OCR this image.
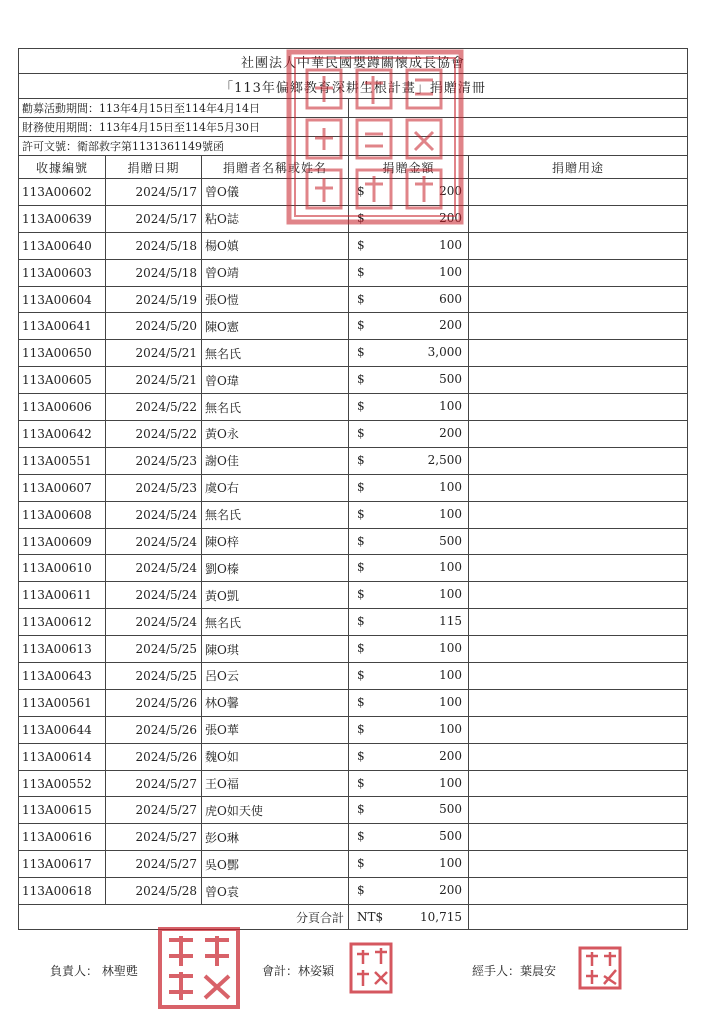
社團法人中華民國嬰蹲關懷成長協會				
「113年偏鄉教育深耕生根計畫」捐贈清冊				
勸募活動期間：113年4月15日至114年4月14日				
財務使用期間：113年4月15日至114年5月30日				
許可文號：衛部救字第1131361149號函				
收據編號	捐贈日期	捐贈者名稱或姓名	捐贈金額	捐贈用途
113A00602	2024/5/17	曾O儀	$ 200	

113A00639	2024/5/17	粘O誌	$ 200	

113A00640	2024/5/18	楊O嫃	$ 100	

113A00603	2024/5/18	曾O靖	$ 100	

113A00604	2024/5/19	張O愷	$ 600	

113A00641	2024/5/20	陳O憲	$ 200	

113A00650	2024/5/21	無名氏	$ 3,000	

113A00605	2024/5/21	曾O瑋	$ 500	

113A00606	2024/5/22	無名氏	$ 100	

113A00642	2024/5/22	黃O永	$ 200	

113A00551	2024/5/23	謝O佳	$ 2,500	

113A00607	2024/5/23	虞O右	$ 100	

113A00608	2024/5/24	無名氏	$ 100	

113A00609	2024/5/24	陳O梓	$ 500	

113A00610	2024/5/24	劉O榛	$ 100	

113A00611	2024/5/24	黃O凱	$ 100	

113A00612	2024/5/24	無名氏	$ 115	

113A00613	2024/5/25	陳O琪	$ 100	

113A00643	2024/5/25	呂O云	$ 100	

113A00561	2024/5/26	林O馨	$ 100	

113A00644	2024/5/26	張O華	$ 100	

113A00614	2024/5/26	魏O如	$ 200	

113A00552	2024/5/27	王O福	$ 100	

113A00615	2024/5/27	虎O如天使	$ 500	

113A00616	2024/5/27	彭O琳	$ 500	

113A00617	2024/5/27	吳O酆	$ 100	

113A00618	2024/5/28	曾O袁	$ 200	

分頁合計			NT$ 10,715	

負責人： 林聖甦	會計：林姿穎	經手人：葉晨安
